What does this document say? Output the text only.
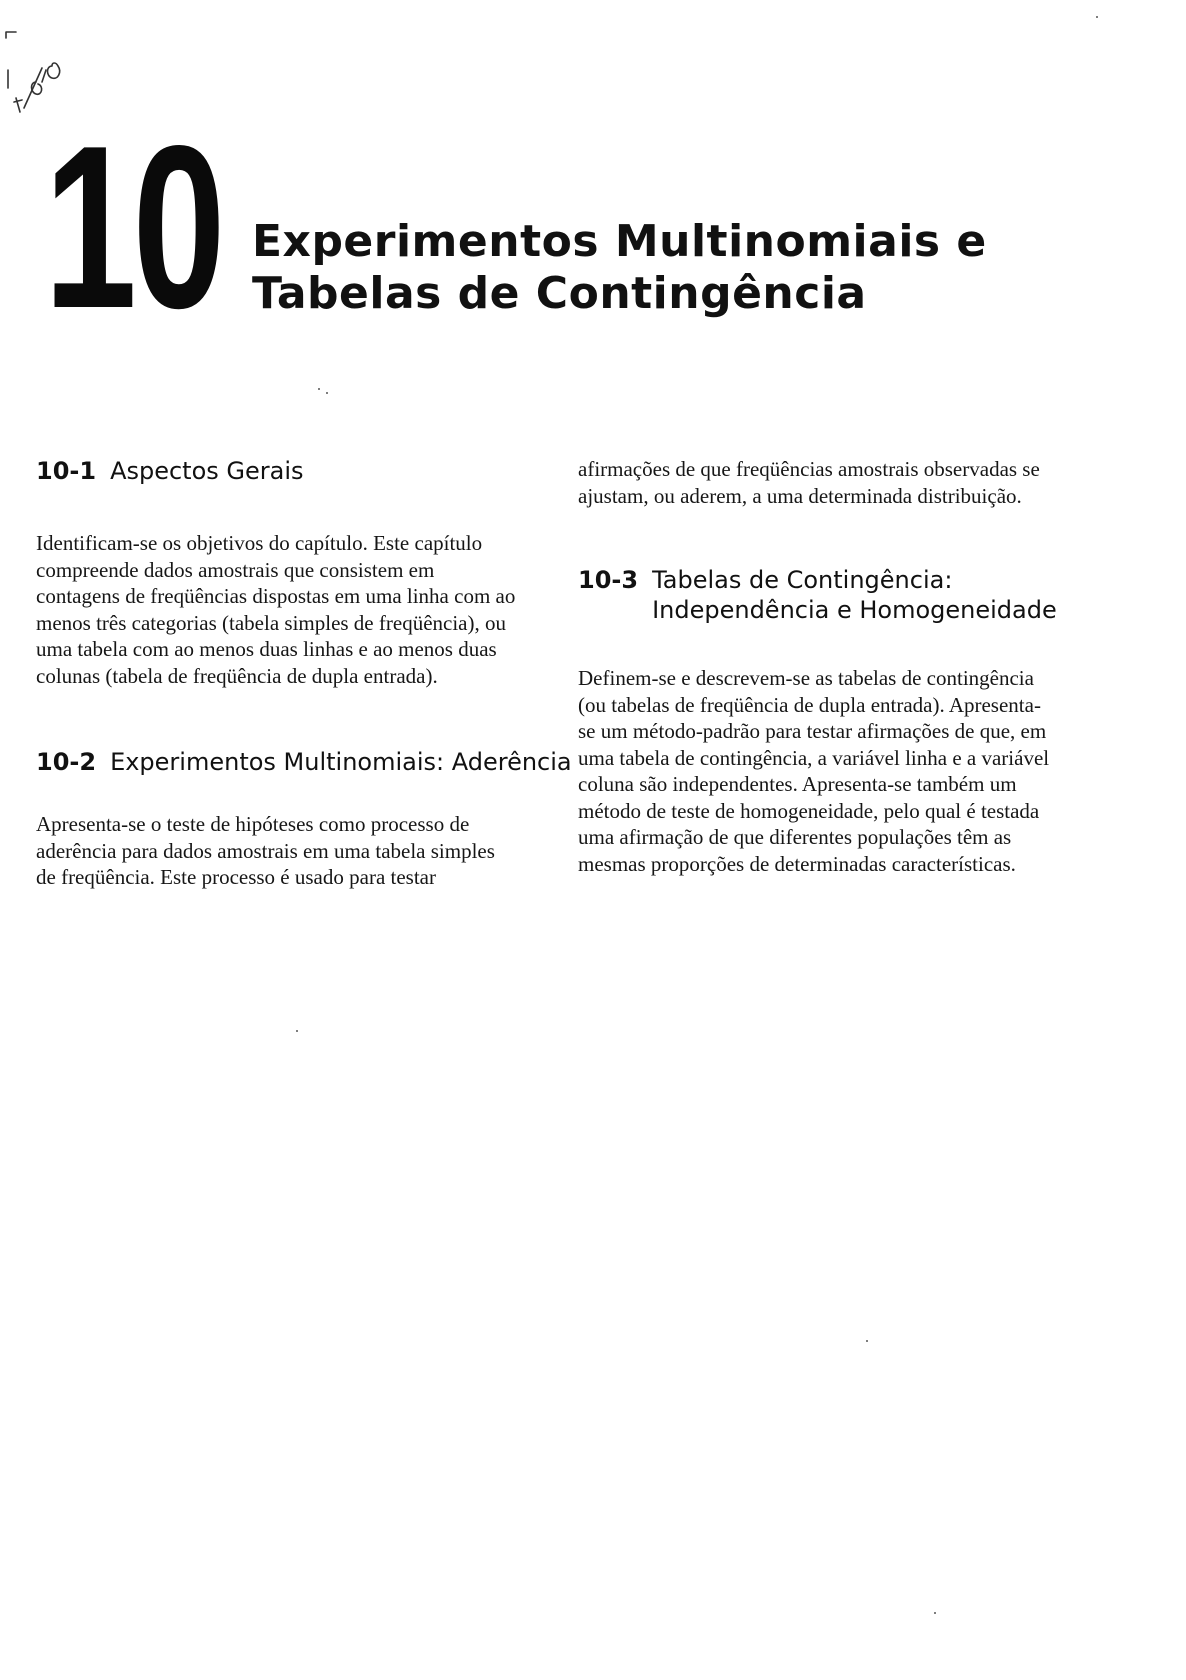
10 Experimentos Multinomiais e
Tabelas de Contingência
10-1 Aspectos Gerais

Identificam-se os objetivos do capítulo. Este capítulo
compreende dados amostrais que consistem em
contagens de freqüências dispostas em uma linha com ao
menos três categorias (tabela simples de freqüência), ou
uma tabela com ao menos duas linhas e ao menos duas
colunas (tabela de freqüência de dupla entrada).

10-2 Experimentos Multinomiais: Aderência

Apresenta-se o teste de hipóteses como processo de
aderência para dados amostrais em uma tabela simples
de freqüência. Este processo é usado para testar

afirmações de que freqüências amostrais observadas se
ajustam, ou aderem, a uma determinada distribuição.

10-3 Tabelas de Contingência:
Independência e Homogeneidade

Definem-se e descrevem-se as tabelas de contingência
(ou tabelas de freqüência de dupla entrada). Apresenta-
se um método-padrão para testar afirmações de que, em
uma tabela de contingência, a variável linha e a variável
coluna são independentes. Apresenta-se também um
método de teste de homogeneidade, pelo qual é testada
uma afirmação de que diferentes populações têm as
mesmas proporções de determinadas características.
